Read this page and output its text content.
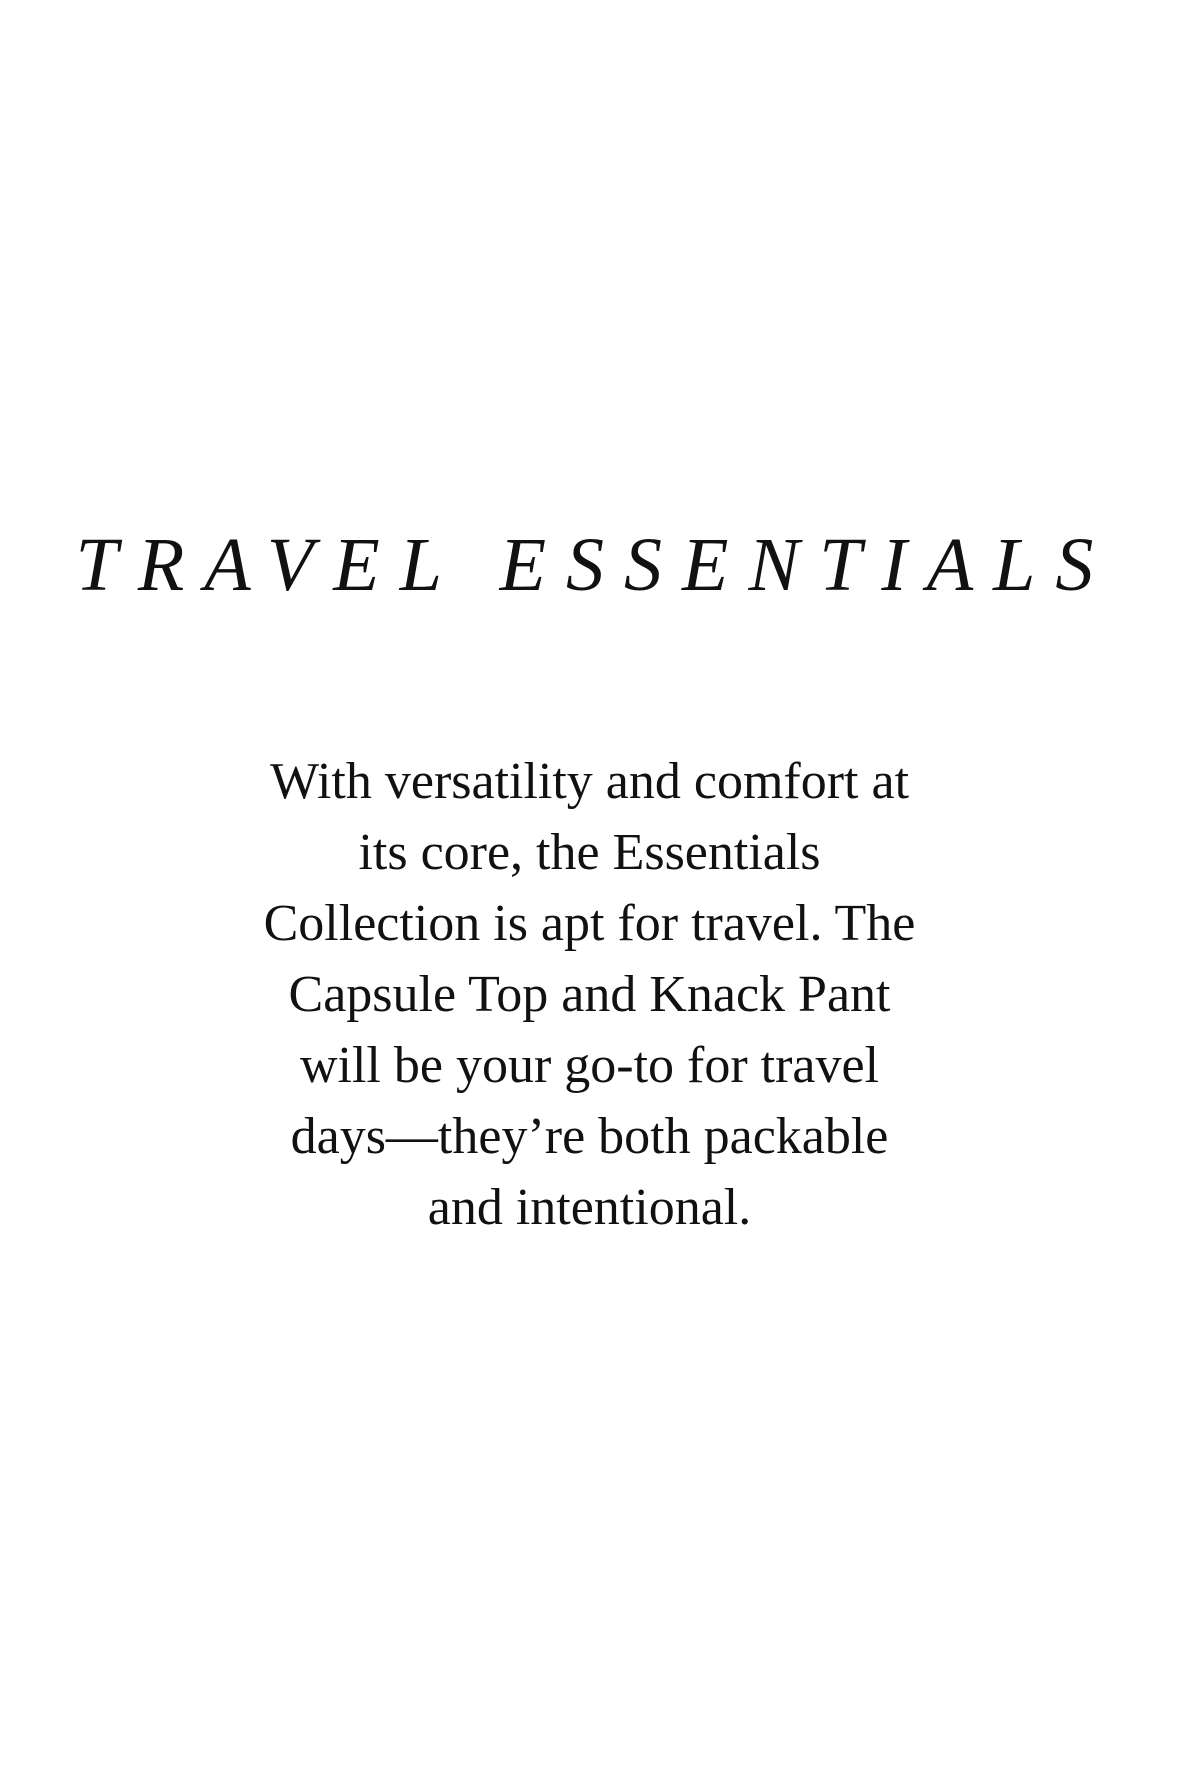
TRAVEL ESSENTIALS

With versatility and comfort at
its core, the Essentials
Collection is apt for travel. The
Capsule Top and Knack Pant
will be your go-to for travel
days—they’re both packable
and intentional.
